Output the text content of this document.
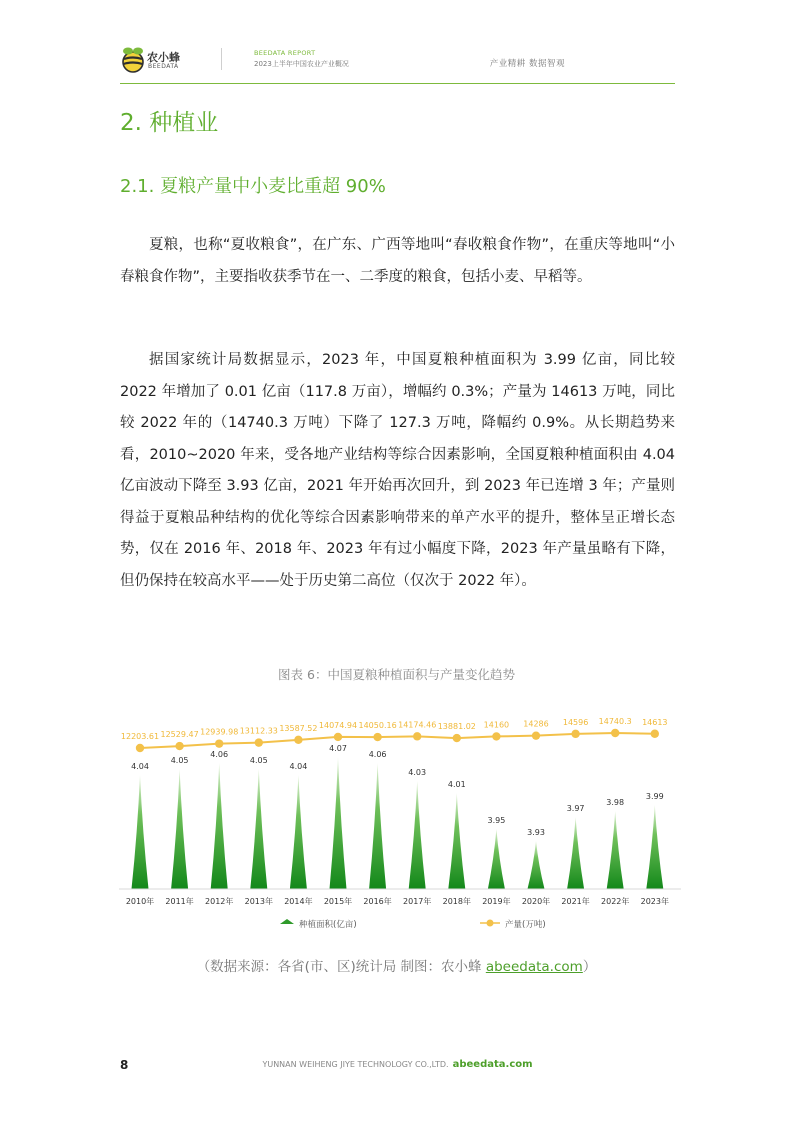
农小蜂
BEEDATA
BEEDATA REPORT
2023上半年中国农业产业概况	产业精耕 数据智观
2. 种植业
2.1. 夏粮产量中小麦比重超 90%

夏粮，也称“夏收粮食”，在广东、广西等地叫“春收粮食作物”，在重庆等地叫“小春粮食作物”，主要指收获季节在一、二季度的粮食，包括小麦、早稻等。

据国家统计局数据显示，2023 年，中国夏粮种植面积为 3.99 亿亩，同比较 2022 年增加了 0.01 亿亩（117.8 万亩），增幅约 0.3%；产量为 14613 万吨，同比较 2022 年的（14740.3 万吨）下降了 127.3 万吨，降幅约 0.9%。从长期趋势来看，2010~2020 年来，受各地产业结构等综合因素影响，全国夏粮种植面积由 4.04 亿亩波动下降至 3.93 亿亩，2021 年开始再次回升，到 2023 年已连增 3 年；产量则得益于夏粮品种结构的优化等综合因素影响带来的单产水平的提升，整体呈正增长态势，仅在 2016 年、2018 年、2023 年有过小幅度下降，2023 年产量虽略有下降，但仍保持在较高水平——处于历史第二高位（仅次于 2022 年）。

图表 6：中国夏粮种植面积与产量变化趋势
4.04
4.05
4.06
4.05
4.04
4.07
4.06
4.03
4.01
3.95
3.93
3.97
3.98
3.99
12203.61 12529.47 12939.98 13112.33 13587.52 14074.94 14050.16 14174.46 13881.02 14160 14286 14596 14740.3 14613
2010年 2011年 2012年 2013年 2014年 2015年 2016年 2017年 2018年 2019年 2020年 2021年 2022年 2023年
种植面积(亿亩)	产量(万吨)
（数据来源：各省(市、区)统计局 制图：农小蜂 abeedata.com）
8	YUNNAN WEIHENG JIYE TECHNOLOGY CO.,LTD. abeedata.com
